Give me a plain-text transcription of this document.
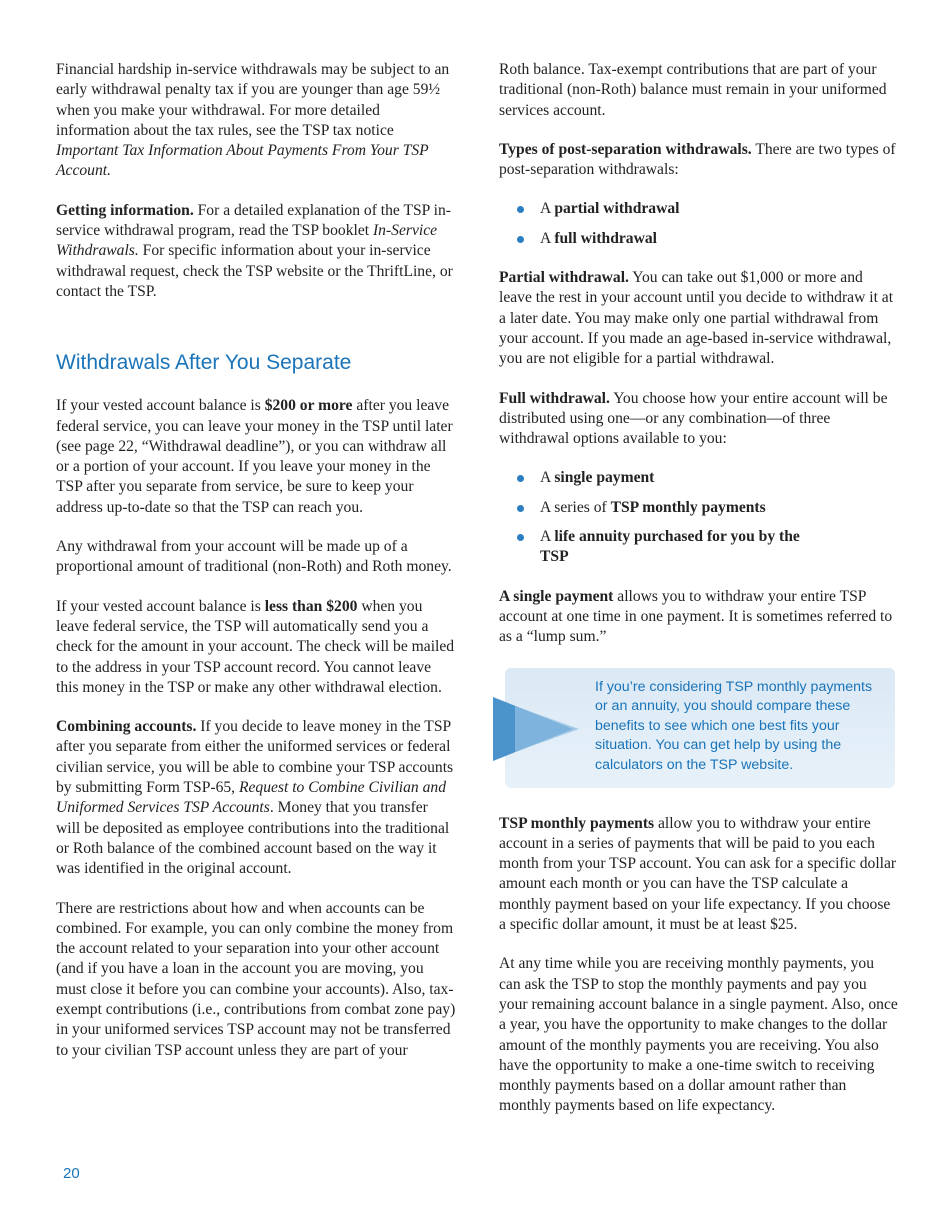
Financial hardship in-service withdrawals may be subject to an early withdrawal penalty tax if you are younger than age 59½ when you make your withdrawal. For more detailed information about the tax rules, see the TSP tax notice Important Tax Information About Payments From Your TSP Account.

Getting information. For a detailed explanation of the TSP in-service withdrawal program, read the TSP booklet In-Service Withdrawals. For specific information about your in-service withdrawal request, check the TSP website or the ThriftLine, or contact the TSP.

Withdrawals After You Separate

If your vested account balance is $200 or more after you leave federal service, you can leave your money in the TSP until later (see page 22, “Withdrawal deadline”), or you can withdraw all or a portion of your account. If you leave your money in the TSP after you separate from service, be sure to keep your address up-to-date so that the TSP can reach you.

Any withdrawal from your account will be made up of a proportional amount of traditional (non-Roth) and Roth money.

If your vested account balance is less than $200 when you leave federal service, the TSP will automatically send you a check for the amount in your account. The check will be mailed to the address in your TSP account record. You cannot leave this money in the TSP or make any other withdrawal election.

Combining accounts. If you decide to leave money in the TSP after you separate from either the uniformed services or federal civilian service, you will be able to combine your TSP accounts by submitting Form TSP-65, Request to Combine Civilian and Uniformed Services TSP Accounts. Money that you transfer will be deposited as employee contributions into the traditional or Roth balance of the combined account based on the way it was identified in the original account.

There are restrictions about how and when accounts can be combined. For example, you can only combine the money from the account related to your separation into your other account (and if you have a loan in the account you are moving, you must close it before you can combine your accounts). Also, tax-exempt contributions (i.e., contributions from combat zone pay) in your uniformed services TSP account may not be transferred to your civilian TSP account unless they are part of your

Roth balance. Tax-exempt contributions that are part of your traditional (non-Roth) balance must remain in your uniformed services account.

Types of post-separation withdrawals. There are two types of post-separation withdrawals:

A partial withdrawal
A full withdrawal

Partial withdrawal. You can take out $1,000 or more and leave the rest in your account until you decide to withdraw it at a later date. You may make only one partial withdrawal from your account. If you made an age-based in-service withdrawal, you are not eligible for a partial withdrawal.

Full withdrawal. You choose how your entire account will be distributed using one—or any combination—of three withdrawal options available to you:

A single payment
A series of TSP monthly payments
A life annuity purchased for you by the TSP

A single payment allows you to withdraw your entire TSP account at one time in one payment. It is sometimes referred to as a “lump sum.”

If you’re considering TSP monthly payments or an annuity, you should compare these benefits to see which one best fits your situation. You can get help by using the calculators on the TSP website.

TSP monthly payments allow you to withdraw your entire account in a series of payments that will be paid to you each month from your TSP account. You can ask for a specific dollar amount each month or you can have the TSP calculate a monthly payment based on your life expectancy. If you choose a specific dollar amount, it must be at least $25.

At any time while you are receiving monthly payments, you can ask the TSP to stop the monthly payments and pay you your remaining account balance in a single payment. Also, once a year, you have the opportunity to make changes to the dollar amount of the monthly payments you are receiving. You also have the opportunity to make a one-time switch to receiving monthly payments based on a dollar amount rather than monthly payments based on life expectancy.

20
